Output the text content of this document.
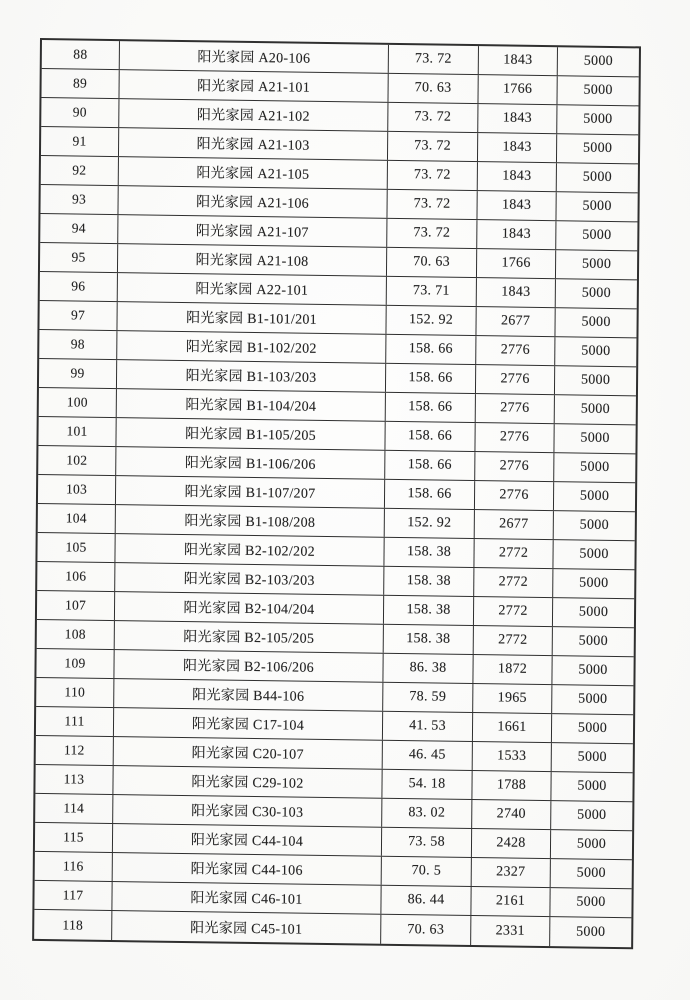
88	阳光家园 A20-106	73. 72	1843	5000
89	阳光家园 A21-101	70. 63	1766	5000
90	阳光家园 A21-102	73. 72	1843	5000
91	阳光家园 A21-103	73. 72	1843	5000
92	阳光家园 A21-105	73. 72	1843	5000
93	阳光家园 A21-106	73. 72	1843	5000
94	阳光家园 A21-107	73. 72	1843	5000
95	阳光家园 A21-108	70. 63	1766	5000
96	阳光家园 A22-101	73. 71	1843	5000
97	阳光家园 B1-101/201	152. 92	2677	5000
98	阳光家园 B1-102/202	158. 66	2776	5000
99	阳光家园 B1-103/203	158. 66	2776	5000
100	阳光家园 B1-104/204	158. 66	2776	5000
101	阳光家园 B1-105/205	158. 66	2776	5000
102	阳光家园 B1-106/206	158. 66	2776	5000
103	阳光家园 B1-107/207	158. 66	2776	5000
104	阳光家园 B1-108/208	152. 92	2677	5000
105	阳光家园 B2-102/202	158. 38	2772	5000
106	阳光家园 B2-103/203	158. 38	2772	5000
107	阳光家园 B2-104/204	158. 38	2772	5000
108	阳光家园 B2-105/205	158. 38	2772	5000
109	阳光家园 B2-106/206	86. 38	1872	5000
110	阳光家园 B44-106	78. 59	1965	5000
111	阳光家园 C17-104	41. 53	1661	5000
112	阳光家园 C20-107	46. 45	1533	5000
113	阳光家园 C29-102	54. 18	1788	5000
114	阳光家园 C30-103	83. 02	2740	5000
115	阳光家园 C44-104	73. 58	2428	5000
116	阳光家园 C44-106	70. 5	2327	5000
117	阳光家园 C46-101	86. 44	2161	5000
118	阳光家园 C45-101	70. 63	2331	5000
